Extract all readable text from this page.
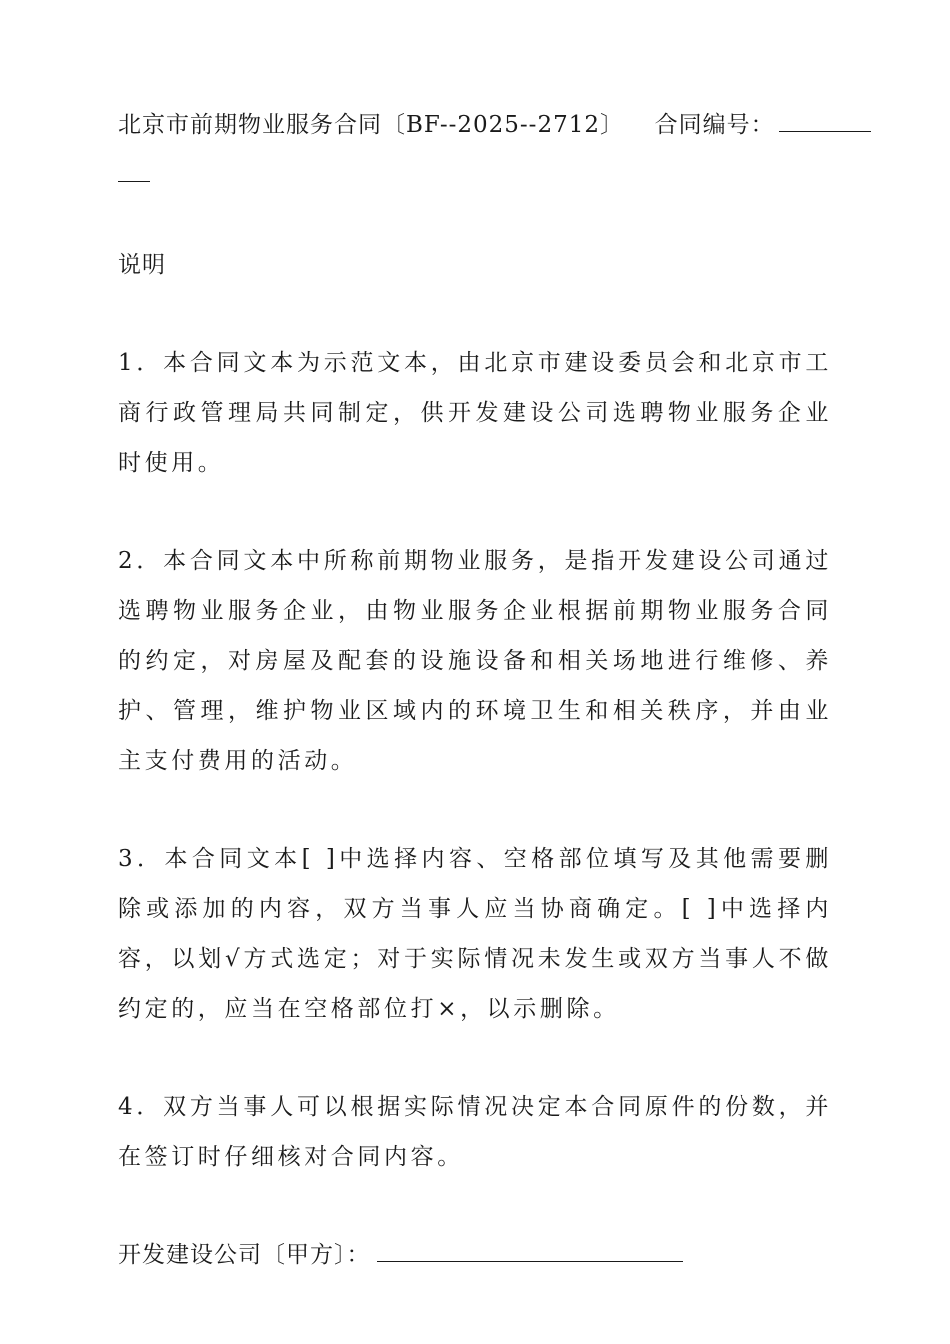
北京市前期物业服务合同〔BF--2025--2712〕 合同编号：

说明

1．本合同文本为示范文本，由北京市建设委员会和北京市工商行政管理局共同制定，供开发建设公司选聘物业服务企业时使用。

2．本合同文本中所称前期物业服务，是指开发建设公司通过选聘物业服务企业，由物业服务企业根据前期物业服务合同的约定，对房屋及配套的设施设备和相关场地进行维修、养护、管理，维护物业区域内的环境卫生和相关秩序，并由业主支付费用的活动。

3．本合同文本[ ]中选择内容、空格部位填写及其他需要删除或添加的内容，双方当事人应当协商确定。[ ]中选择内容，以划√方式选定；对于实际情况未发生或双方当事人不做约定的，应当在空格部位打×，以示删除。

4．双方当事人可以根据实际情况决定本合同原件的份数，并在签订时仔细核对合同内容。

开发建设公司〔甲方〕：
